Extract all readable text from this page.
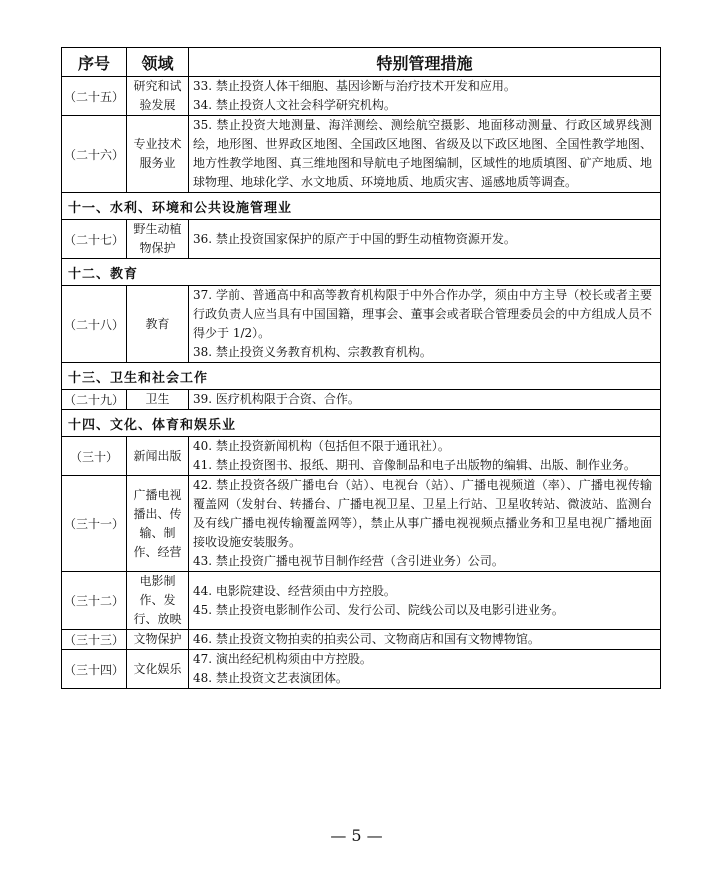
序号	领域	特别管理措施
（二十五）	研究和试验发展	33. 禁止投资人体干细胞、基因诊断与治疗技术开发和应用。

34. 禁止投资人文社会科学研究机构。

（二十六）	专业技术服务业	35. 禁止投资大地测量、海洋测绘、测绘航空摄影、地面移动测量、行政区域界线测绘，地形图、世界政区地图、全国政区地图、省级及以下政区地图、全国性教学地图、地方性教学地图、真三维地图和导航电子地图编制，区域性的地质填图、矿产地质、地球物理、地球化学、水文地质、环境地质、地质灾害、遥感地质等调查。

十一、水利、环境和公共设施管理业		
（二十七）	野生动植物保护	36. 禁止投资国家保护的原产于中国的野生动植物资源开发。

十二、教育		
（二十八）	教育	37. 学前、普通高中和高等教育机构限于中外合作办学，须由中方主导（校长或者主要行政负责人应当具有中国国籍，理事会、董事会或者联合管理委员会的中方组成人员不得少于 1/2）。

38. 禁止投资义务教育机构、宗教教育机构。

十三、卫生和社会工作		
（二十九）	卫生	39. 医疗机构限于合资、合作。

十四、文化、体育和娱乐业		
（三十）	新闻出版	40. 禁止投资新闻机构（包括但不限于通讯社）。

41. 禁止投资图书、报纸、期刊、音像制品和电子出版物的编辑、出版、制作业务。

（三十一）	广播电视播出、传输、制作、经营	42. 禁止投资各级广播电台（站）、电视台（站）、广播电视频道（率）、广播电视传输覆盖网（发射台、转播台、广播电视卫星、卫星上行站、卫星收转站、微波站、监测台及有线广播电视传输覆盖网等），禁止从事广播电视视频点播业务和卫星电视广播地面接收设施安装服务。

43. 禁止投资广播电视节目制作经营（含引进业务）公司。

（三十二）	电影制作、发行、放映	44. 电影院建设、经营须由中方控股。

45. 禁止投资电影制作公司、发行公司、院线公司以及电影引进业务。

（三十三）	文物保护	46. 禁止投资文物拍卖的拍卖公司、文物商店和国有文物博物馆。

（三十四）	文化娱乐	47. 演出经纪机构须由中方控股。

48. 禁止投资文艺表演团体。

— 5 —
